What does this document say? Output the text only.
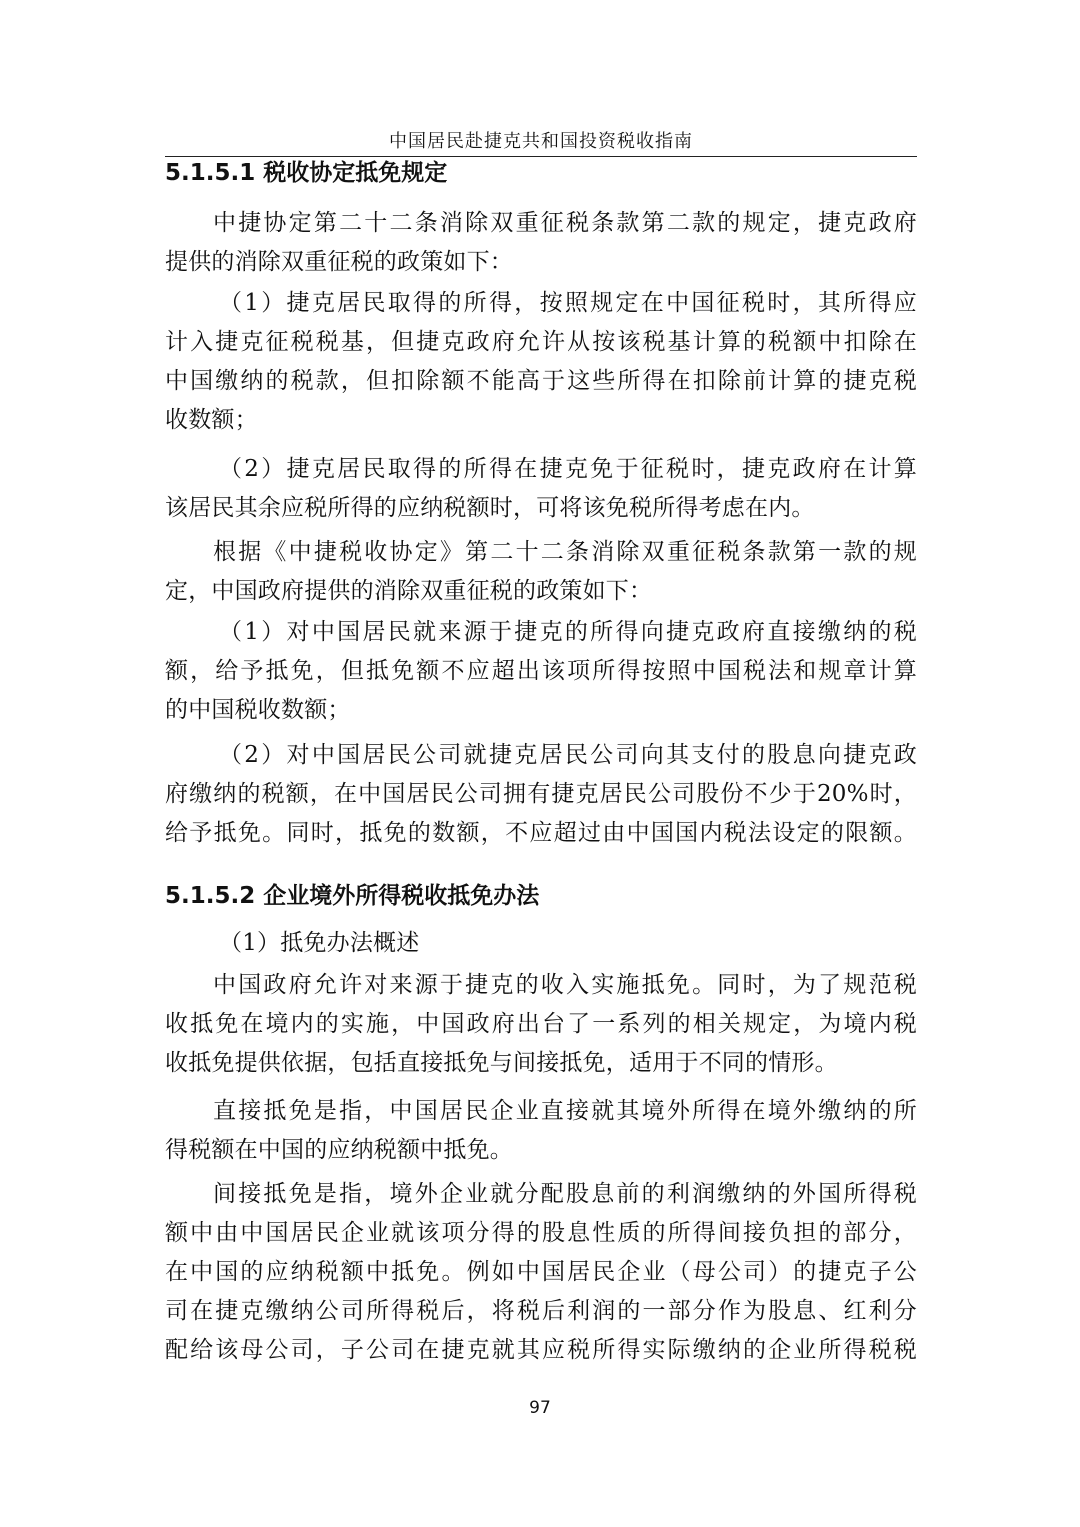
中国居民赴捷克共和国投资税收指南
5.1.5.1 税收协定抵免规定
中捷协定第二十二条消除双重征税条款第二款的规定，捷克政府
提供的消除双重征税的政策如下：
（1）捷克居民取得的所得，按照规定在中国征税时，其所得应
计入捷克征税税基，但捷克政府允许从按该税基计算的税额中扣除在
中国缴纳的税款，但扣除额不能高于这些所得在扣除前计算的捷克税
收数额；
（2）捷克居民取得的所得在捷克免于征税时，捷克政府在计算
该居民其余应税所得的应纳税额时，可将该免税所得考虑在内。
根据《中捷税收协定》第二十二条消除双重征税条款第一款的规
定，中国政府提供的消除双重征税的政策如下：
（1）对中国居民就来源于捷克的所得向捷克政府直接缴纳的税
额，给予抵免，但抵免额不应超出该项所得按照中国税法和规章计算
的中国税收数额；
（2）对中国居民公司就捷克居民公司向其支付的股息向捷克政
府缴纳的税额，在中国居民公司拥有捷克居民公司股份不少于20%时，
给予抵免。同时，抵免的数额，不应超过由中国国内税法设定的限额。
5.1.5.2 企业境外所得税收抵免办法
（1）抵免办法概述
中国政府允许对来源于捷克的收入实施抵免。同时，为了规范税
收抵免在境内的实施，中国政府出台了一系列的相关规定，为境内税
收抵免提供依据，包括直接抵免与间接抵免，适用于不同的情形。
直接抵免是指，中国居民企业直接就其境外所得在境外缴纳的所
得税额在中国的应纳税额中抵免。
间接抵免是指，境外企业就分配股息前的利润缴纳的外国所得税
额中由中国居民企业就该项分得的股息性质的所得间接负担的部分，
在中国的应纳税额中抵免。例如中国居民企业（母公司）的捷克子公
司在捷克缴纳公司所得税后，将税后利润的一部分作为股息、红利分
配给该母公司，子公司在捷克就其应税所得实际缴纳的企业所得税税
97
